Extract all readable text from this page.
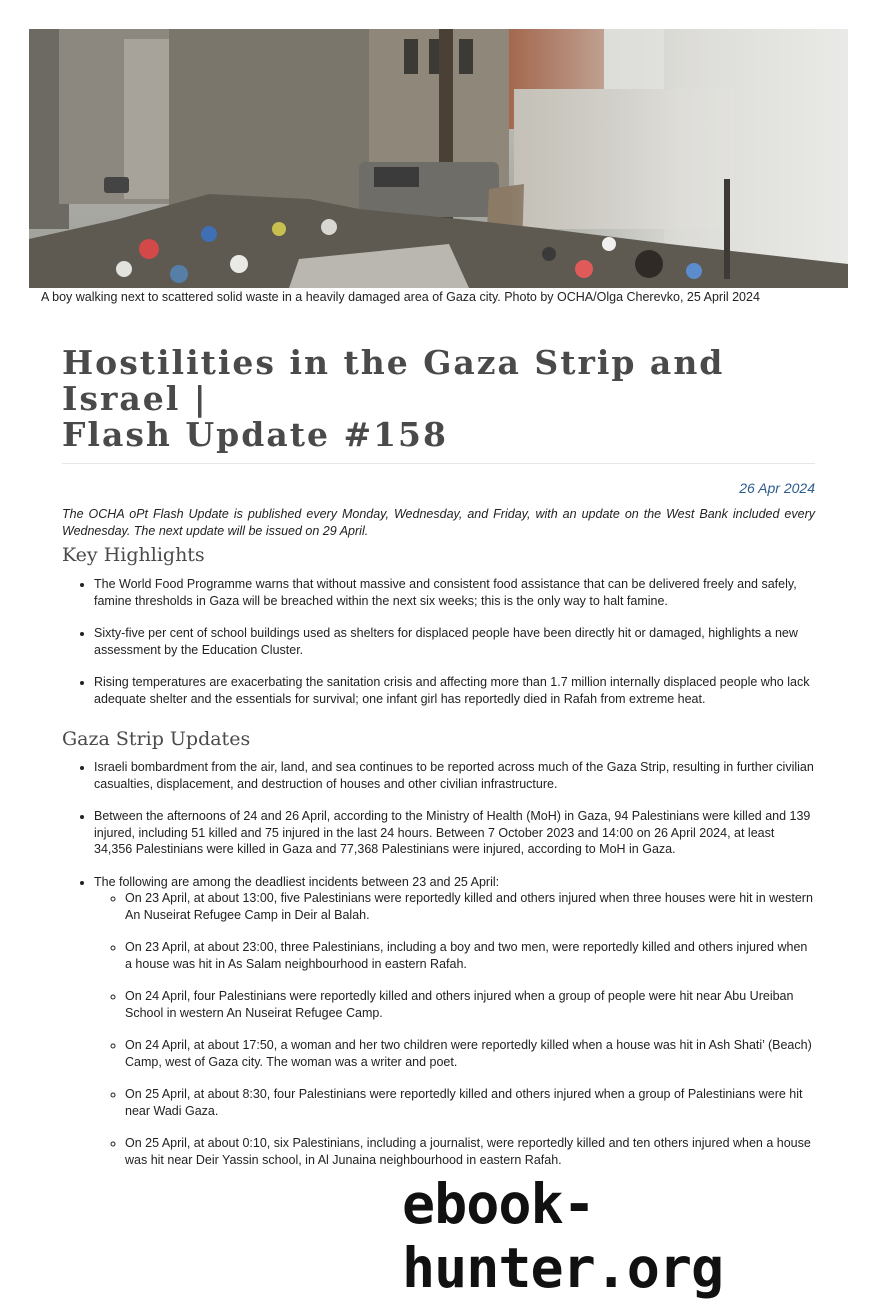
A boy walking next to scattered solid waste in a heavily damaged area of Gaza city. Photo by OCHA/Olga Cherevko, 25 April 2024
Hostilities in the Gaza Strip and Israel |
Flash Update #158
26 Apr 2024

The OCHA oPt Flash Update is published every Monday, Wednesday, and Friday, with an update on the West Bank included every Wednesday. The next update will be issued on 29 April.

Key Highlights
• The World Food Programme warns that without massive and consistent food assistance that can be delivered freely and safely, famine thresholds in Gaza will be breached within the next six weeks; this is the only way to halt famine.
• Sixty-five per cent of school buildings used as shelters for displaced people have been directly hit or damaged, highlights a new assessment by the Education Cluster.
• Rising temperatures are exacerbating the sanitation crisis and affecting more than 1.7 million internally displaced people who lack adequate shelter and the essentials for survival; one infant girl has reportedly died in Rafah from extreme heat.
Gaza Strip Updates
• Israeli bombardment from the air, land, and sea continues to be reported across much of the Gaza Strip, resulting in further civilian casualties, displacement, and destruction of houses and other civilian infrastructure.
• Between the afternoons of 24 and 26 April, according to the Ministry of Health (MoH) in Gaza, 94 Palestinians were killed and 139 injured, including 51 killed and 75 injured in the last 24 hours. Between 7 October 2023 and 14:00 on 26 April 2024, at least 34,356 Palestinians were killed in Gaza and 77,368 Palestinians were injured, according to MoH in Gaza.
• The following are among the deadliest incidents between 23 and 25 April:
◦ On 23 April, at about 13:00, five Palestinians were reportedly killed and others injured when three houses were hit in western An Nuseirat Refugee Camp in Deir al Balah.
◦ On 23 April, at about 23:00, three Palestinians, including a boy and two men, were reportedly killed and others injured when a house was hit in As Salam neighbourhood in eastern Rafah.
◦ On 24 April, four Palestinians were reportedly killed and others injured when a group of people were hit near Abu Ureiban School in western An Nuseirat Refugee Camp.
◦ On 24 April, at about 17:50, a woman and her two children were reportedly killed when a house was hit in Ash Shati’ (Beach) Camp, west of Gaza city. The woman was a writer and poet.
◦ On 25 April, at about 8:30, four Palestinians were reportedly killed and others injured when a group of Palestinians were hit near Wadi Gaza.
◦ On 25 April, at about 0:10, six Palestinians, including a journalist, were reportedly killed and ten others injured when a house was hit near Deir Yassin school, in Al Junaina neighbourhood in eastern Rafah.
ebook-hunter.org
